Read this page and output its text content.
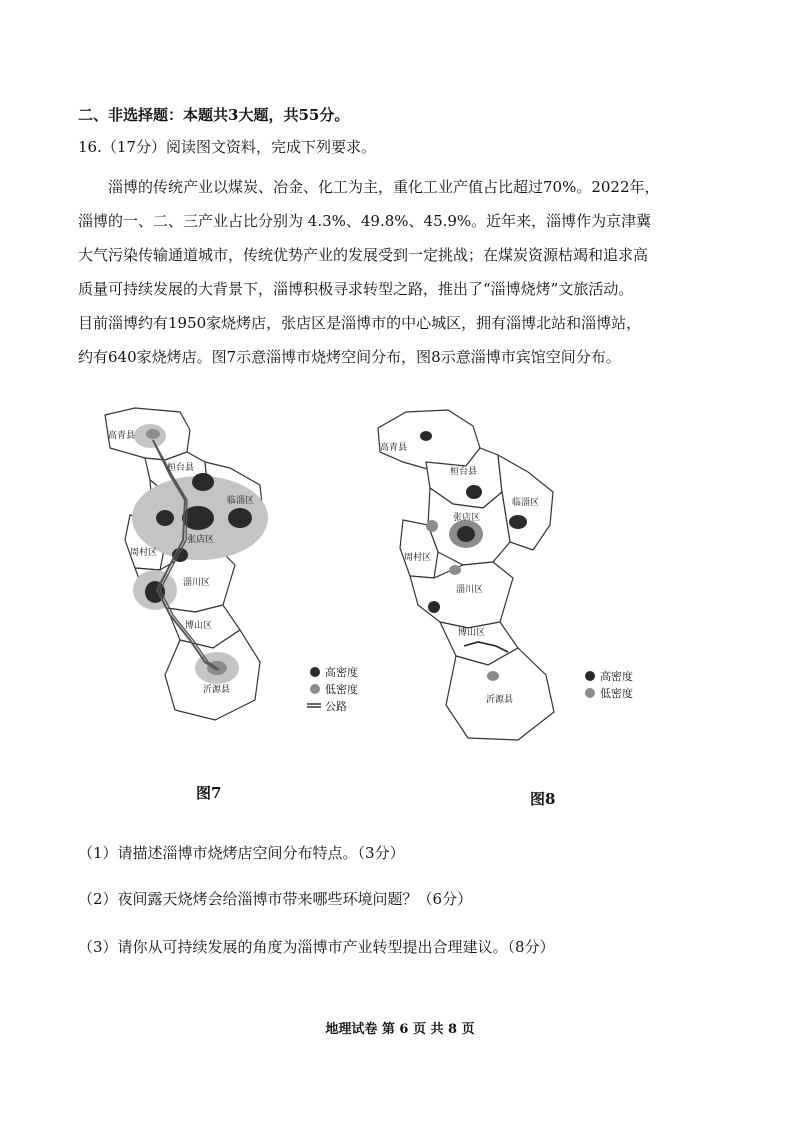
二、非选择题：本题共3大题，共55分。
16.（17分）阅读图文资料，完成下列要求。
淄博的传统产业以煤炭、冶金、化工为主，重化工业产值占比超过70%。2022年，
淄博的一、二、三产业占比分别为 4.3%、49.8%、45.9%。近年来，淄博作为京津冀
大气污染传输通道城市，传统优势产业的发展受到一定挑战；在煤炭资源枯竭和追求高
质量可持续发展的大背景下，淄博积极寻求转型之路，推出了“淄博烧烤”文旅活动。
目前淄博约有1950家烧烤店，张店区是淄博市的中心城区，拥有淄博北站和淄博站，
约有640家烧烤店。图7示意淄博市烧烤空间分布，图8示意淄博市宾馆空间分布。
高青县
桓台县
临淄区
张店区
周村区
淄川区
博山区
沂源县
高密度
低密度
公路
高青县
桓台县
临淄区
张店区
周村区
淄川区
博山区
沂源县
高密度
低密度
图7	图8
（1）请描述淄博市烧烤店空间分布特点。（3分）
（2）夜间露天烧烤会给淄博市带来哪些环境问题？（6分）
（3）请你从可持续发展的角度为淄博市产业转型提出合理建议。（8分）
地理试卷 第 6 页 共 8 页
